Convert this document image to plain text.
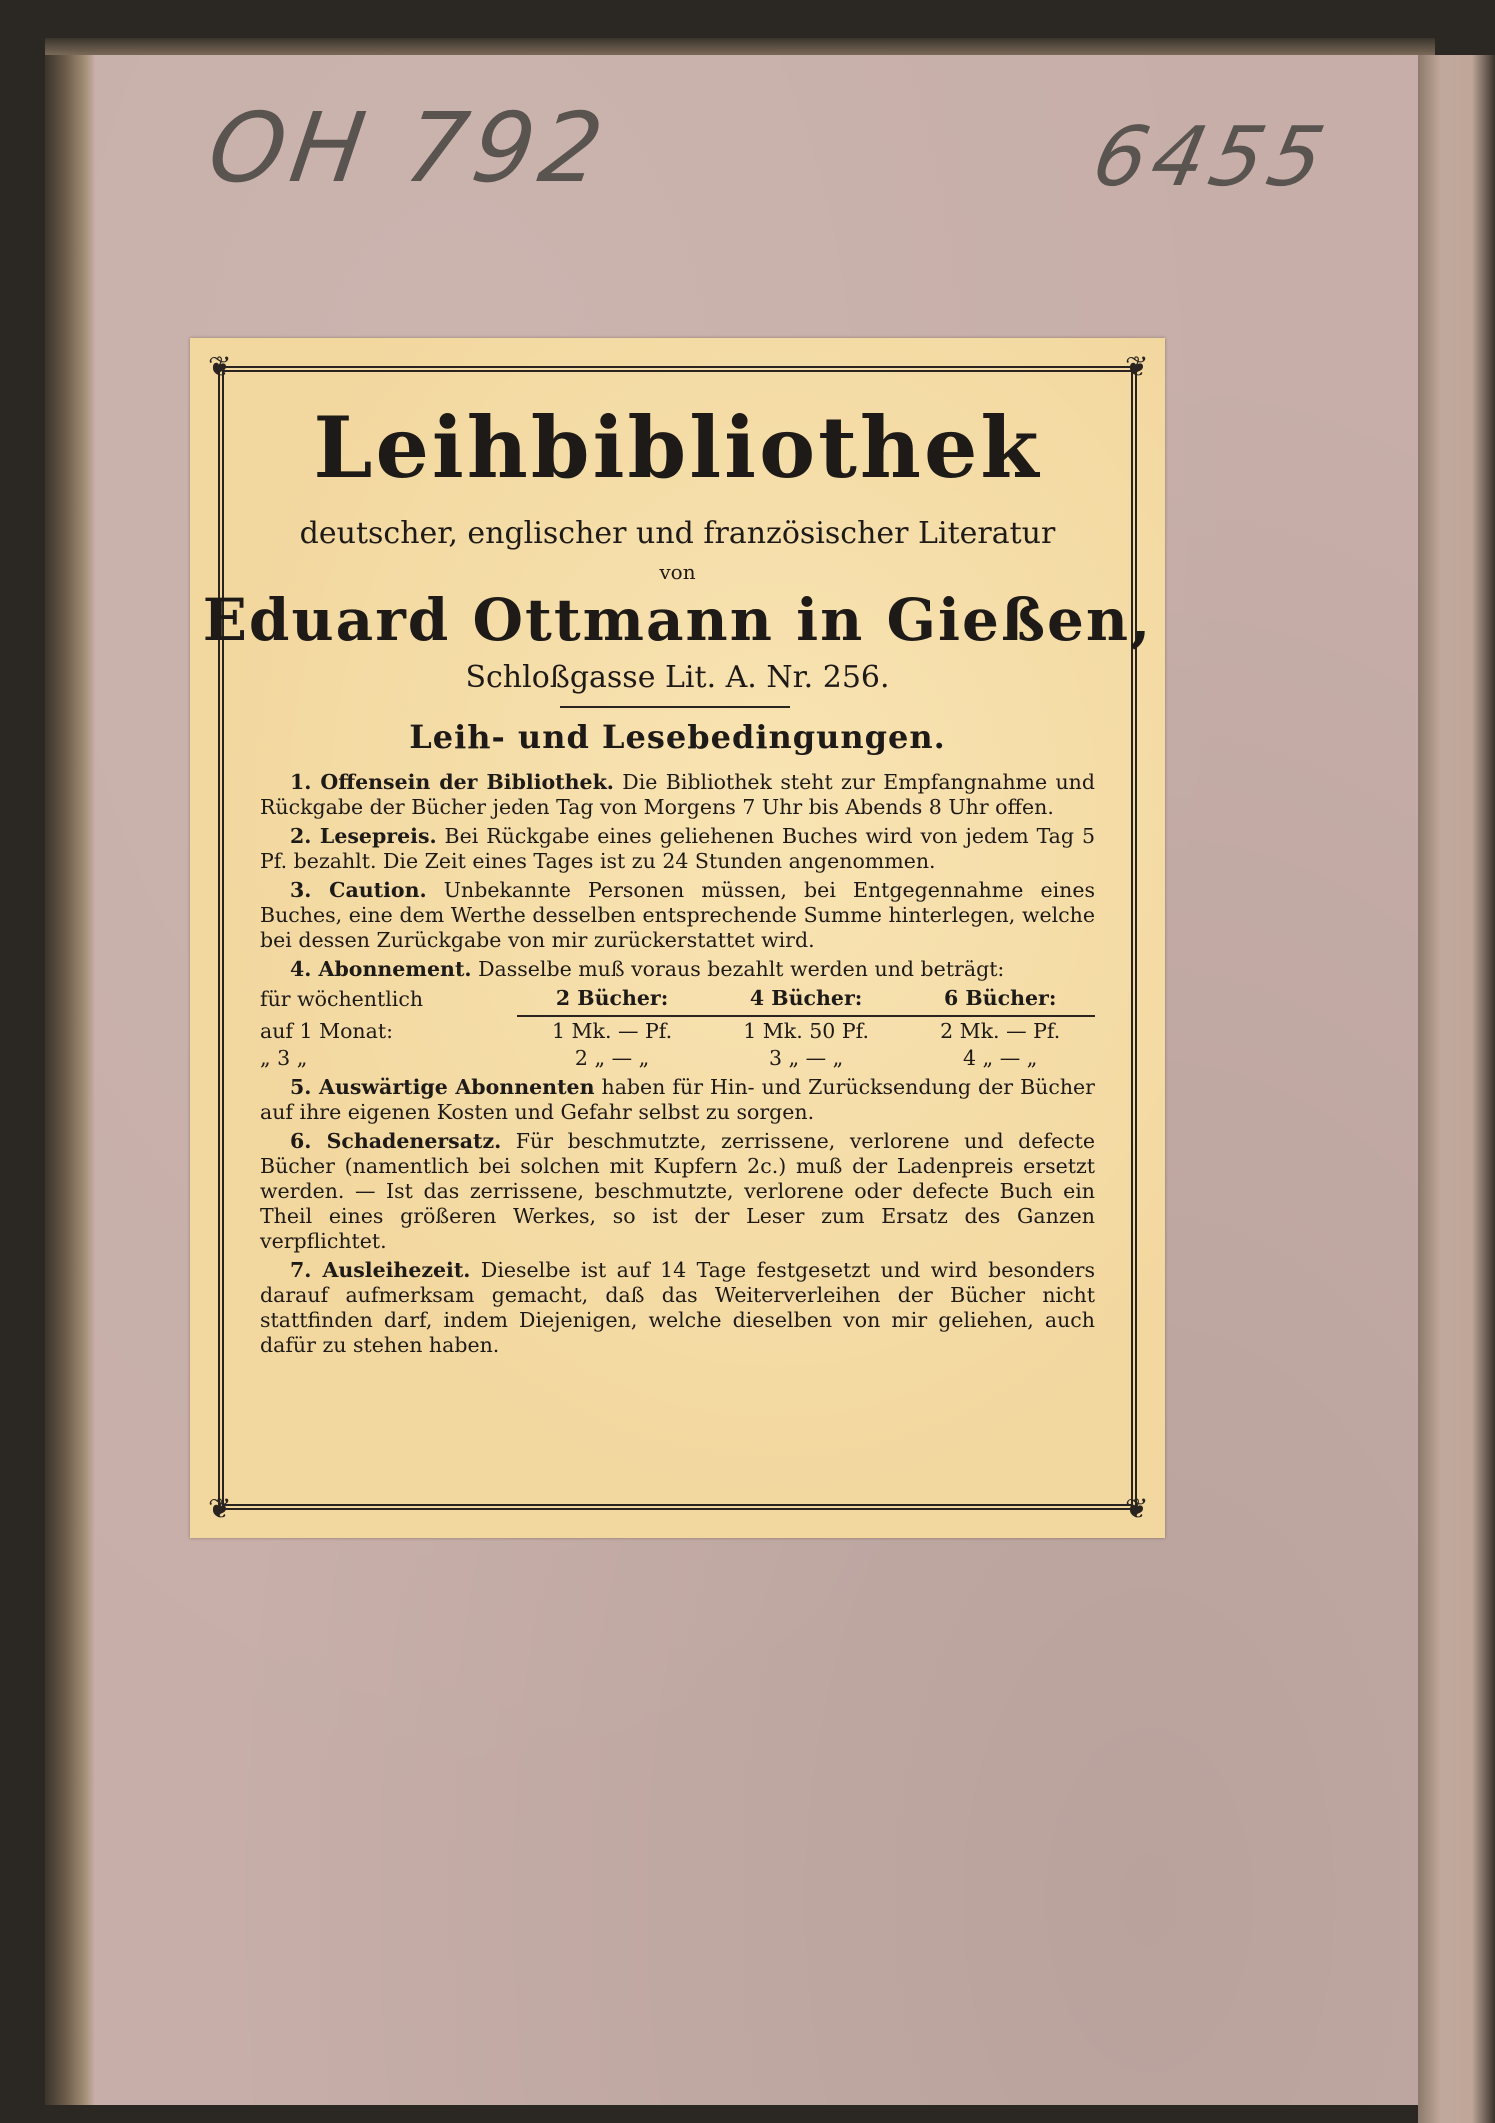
OH 792	6455
❦	❦
❦	❦
Leihbibliothek
deutscher, englischer und französischer Literatur
von
Eduard Ottmann in Gießen,
Schloßgasse Lit. A. Nr. 256.
Leih- und Lesebedingungen.

1. Offensein der Bibliothek. Die Bibliothek steht zur Empfangnahme und Rückgabe der Bücher jeden Tag von Morgens 7 Uhr bis Abends 8 Uhr offen.

2. Lesepreis. Bei Rückgabe eines geliehenen Buches wird von jedem Tag 5 Pf. bezahlt. Die Zeit eines Tages ist zu 24 Stunden angenommen.

3. Caution. Unbekannte Personen müssen, bei Entgegennahme eines Buches, eine dem Werthe desselben entsprechende Summe hinterlegen, welche bei dessen Zurückgabe von mir zurückerstattet wird.

4. Abonnement. Dasselbe muß voraus bezahlt werden und beträgt:

für wöchentlich	2 Bücher:	4 Bücher:	6 Bücher:
auf 1 Monat:	1 Mk. — Pf.	1 Mk. 50 Pf.	2 Mk. — Pf.
„ 3 „	2 „ — „	3 „ — „	4 „ — „

5. Auswärtige Abonnenten haben für Hin- und Zurücksendung der Bücher auf ihre eigenen Kosten und Gefahr selbst zu sorgen.

6. Schadenersatz. Für beschmutzte, zerrissene, verlorene und defecte Bücher (namentlich bei solchen mit Kupfern 2c.) muß der Ladenpreis ersetzt werden. — Ist das zerrissene, beschmutzte, verlorene oder defecte Buch ein Theil eines größeren Werkes, so ist der Leser zum Ersatz des Ganzen verpflichtet.

7. Ausleihezeit. Dieselbe ist auf 14 Tage festgesetzt und wird besonders darauf aufmerksam gemacht, daß das Weiterverleihen der Bücher nicht stattfinden darf, indem Diejenigen, welche dieselben von mir geliehen, auch dafür zu stehen haben.
